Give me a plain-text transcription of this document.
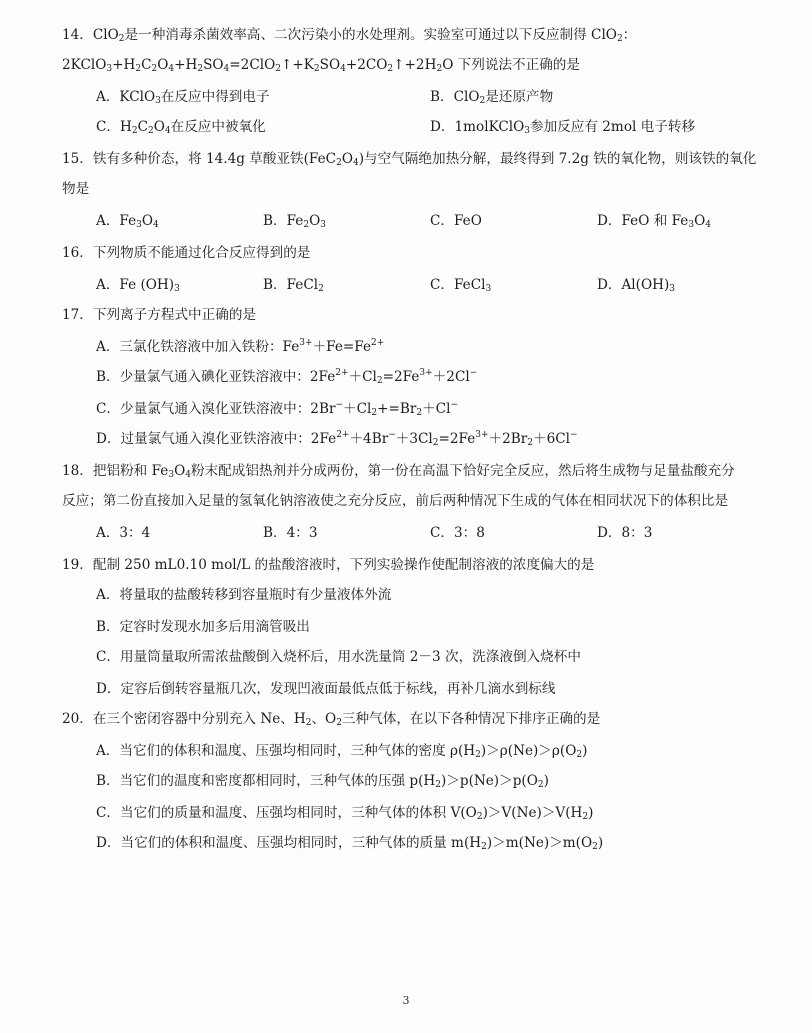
14．ClO$_2$是一种消毒杀菌效率高、二次污染小的水处理剂。实验室可通过以下反应制得 ClO$_2$：
$2KClO_3+H_2C_2O_4+H_2SO_4=2ClO_2↑+K_2SO_4+2CO_2↑+2H_2O$ 下列说法不正确的是
A．KClO$_3$在反应中得到电子	B．ClO$_2$是还原产物
C．$H_2C_2O_4$在反应中被氧化	D．1molKClO$_3$参加反应有 2mol 电子转移
15．铁有多种价态，将 14.4g 草酸亚铁$(FeC_2O_4)$与空气隔绝加热分解，最终得到 7.2g 铁的氧化物，则该铁的氧化
物是
A．$Fe_3O_4$	B．$Fe_2O_3$	C．FeO	D．FeO 和 $Fe_3O_4$
16．下列物质不能通过化合反应得到的是
A．Fe $(OH)_3$	B．FeCl$_2$	C．FeCl$_3$	D．$Al(OH)_3$
17．下列离子方程式中正确的是
A．三氯化铁溶液中加入铁粉：$Fe^{3+}+Fe=Fe^{2+}$
B．少量氯气通入碘化亚铁溶液中：$2Fe^{2+}+Cl_2=2Fe^{3+}+2Cl^-$
C．少量氯气通入溴化亚铁溶液中：$2Br^-+Cl_2+=Br_2+Cl^-$
D．过量氯气通入溴化亚铁溶液中：$2Fe^{2+}+4Br^-+3Cl_2=2Fe^{3+}+2Br_2+6Cl^-$
18．把铝粉和 $Fe_3O_4$粉末配成铝热剂并分成两份，第一份在高温下恰好完全反应，然后将生成物与足量盐酸充分
反应；第二份直接加入足量的氢氧化钠溶液使之充分反应，前后两种情况下生成的气体在相同状况下的体积比是
A．3：4	B．4：3	C．3：8	D．8：3
19．配制 250 mL0.10 mol/L 的盐酸溶液时，下列实验操作使配制溶液的浓度偏大的是
A．将量取的盐酸转移到容量瓶时有少量液体外流
B．定容时发现水加多后用滴管吸出
C．用量筒量取所需浓盐酸倒入烧杯后，用水洗量筒 2－3 次，洗涤液倒入烧杯中
D．定容后倒转容量瓶几次，发现凹液面最低点低于标线，再补几滴水到标线
20．在三个密闭容器中分别充入 Ne、$H_2$、$O_2$三种气体，在以下各种情况下排序正确的是
A．当它们的体积和温度、压强均相同时，三种气体的密度 $\rho(H_2)>\rho(Ne)>\rho(O_2)$
B．当它们的温度和密度都相同时，三种气体的压强 $p(H_2)>p(Ne)>p(O_2)$
C．当它们的质量和温度、压强均相同时，三种气体的体积 $V(O_2)>V(Ne)>V(H_2)$
D．当它们的体积和温度、压强均相同时，三种气体的质量 $m(H_2)>m(Ne)>m(O_2)$
3
